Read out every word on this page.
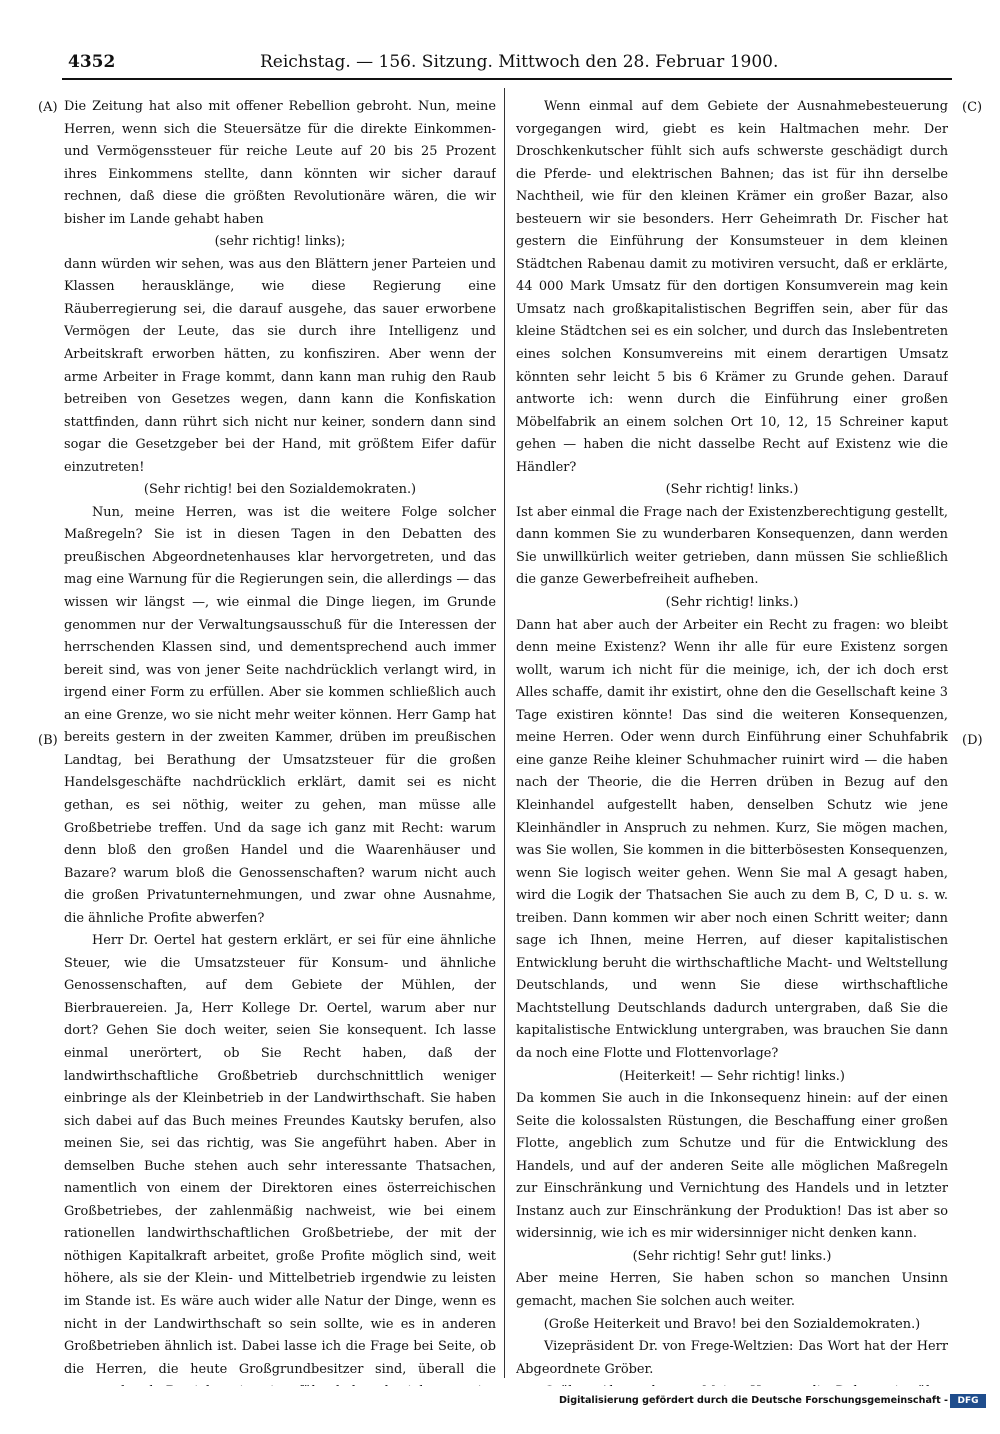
4352	Reichstag. — 156. Sitzung. Mittwoch den 28. Februar 1900.
(A)
(B)
(C)
(D)

Die Zeitung hat also mit offener Rebellion gebroht. Nun, meine Herren, wenn sich die Steuersätze für die direkte Einkommen- und Vermögenssteuer für reiche Leute auf 20 bis 25 Prozent ihres Einkommens stellte, dann könnten wir sicher darauf rechnen, daß diese die größten Revolutionäre wären, die wir bisher im Lande gehabt haben

(sehr richtig! links);

dann würden wir sehen, was aus den Blättern jener Parteien und Klassen herausklänge, wie diese Regierung eine Räuberregierung sei, die darauf ausgehe, das sauer erworbene Vermögen der Leute, das sie durch ihre Intelligenz und Arbeitskraft erworben hätten, zu konfisziren. Aber wenn der arme Arbeiter in Frage kommt, dann kann man ruhig den Raub betreiben von Gesetzes wegen, dann kann die Konfiskation stattfinden, dann rührt sich nicht nur keiner, sondern dann sind sogar die Gesetzgeber bei der Hand, mit größtem Eifer dafür einzutreten!

(Sehr richtig! bei den Sozialdemokraten.)

Nun, meine Herren, was ist die weitere Folge solcher Maßregeln? Sie ist in diesen Tagen in den Debatten des preußischen Abgeordnetenhauses klar hervorgetreten, und das mag eine Warnung für die Regierungen sein, die allerdings — das wissen wir längst —, wie einmal die Dinge liegen, im Grunde genommen nur der Verwaltungsausschuß für die Interessen der herrschenden Klassen sind, und dementsprechend auch immer bereit sind, was von jener Seite nachdrücklich verlangt wird, in irgend einer Form zu erfüllen. Aber sie kommen schließlich auch an eine Grenze, wo sie nicht mehr weiter können. Herr Gamp hat bereits gestern in der zweiten Kammer, drüben im preußischen Landtag, bei Berathung der Umsatzsteuer für die großen Handelsgeschäfte nachdrücklich erklärt, damit sei es nicht gethan, es sei nöthig, weiter zu gehen, man müsse alle Großbetriebe treffen. Und da sage ich ganz mit Recht: warum denn bloß den großen Handel und die Waarenhäuser und Bazare? warum bloß die Genossenschaften? warum nicht auch die großen Privatunternehmungen, und zwar ohne Ausnahme, die ähnliche Profite abwerfen?

Herr Dr. Oertel hat gestern erklärt, er sei für eine ähnliche Steuer, wie die Umsatzsteuer für Konsum- und ähnliche Genossenschaften, auf dem Gebiete der Mühlen, der Bierbrauereien. Ja, Herr Kollege Dr. Oertel, warum aber nur dort? Gehen Sie doch weiter, seien Sie konsequent. Ich lasse einmal unerörtert, ob Sie Recht haben, daß der landwirthschaftliche Großbetrieb durchschnittlich weniger einbringe als der Kleinbetrieb in der Landwirthschaft. Sie haben sich dabei auf das Buch meines Freundes Kautsky berufen, also meinen Sie, sei das richtig, was Sie angeführt haben. Aber in demselben Buche stehen auch sehr interessante Thatsachen, namentlich von einem der Direktoren eines österreichischen Großbetriebes, der zahlenmäßig nachweist, wie bei einem rationellen landwirthschaftlichen Großbetriebe, der mit der nöthigen Kapitalkraft arbeitet, große Profite möglich sind, weit höhere, als sie der Klein- und Mittelbetrieb irgendwie zu leisten im Stande ist. Es wäre auch wider alle Natur der Dinge, wenn es nicht in der Landwirthschaft so sein sollte, wie es in anderen Großbetrieben ähnlich ist. Dabei lasse ich die Frage bei Seite, ob die Herren, die heute Großgrundbesitzer sind, überall die

Wenn einmal auf dem Gebiete der Ausnahmebesteuerung vorgegangen wird, giebt es kein Haltmachen mehr. Der Droschkenkutscher fühlt sich aufs schwerste geschädigt durch die Pferde- und elektrischen Bahnen; das ist für ihn derselbe Nachtheil, wie für den kleinen Krämer ein großer Bazar, also besteuern wir sie besonders. Herr Geheimrath Dr. Fischer hat gestern die Einführung der Konsumsteuer in dem kleinen Städtchen Rabenau damit zu motiviren versucht, daß er erklärte, 44 000 Mark Umsatz für den dortigen Konsumverein mag kein Umsatz nach großkapitalistischen Begriffen sein, aber für das kleine Städtchen sei es ein solcher, und durch das Inslebentreten eines solchen Konsumvereins mit einem derartigen Umsatz könnten sehr leicht 5 bis 6 Krämer zu Grunde gehen. Darauf antworte ich: wenn durch die Einführung einer großen Möbelfabrik an einem solchen Ort 10, 12, 15 Schreiner kaput gehen — haben die nicht dasselbe Recht auf Existenz wie die Händler?

(Sehr richtig! links.)

Ist aber einmal die Frage nach der Existenzberechtigung gestellt, dann kommen Sie zu wunderbaren Konsequenzen, dann werden Sie unwillkürlich weiter getrieben, dann müssen Sie schließlich die ganze Gewerbefreiheit aufheben.

(Sehr richtig! links.)

Dann hat aber auch der Arbeiter ein Recht zu fragen: wo bleibt denn meine Existenz? Wenn ihr alle für eure Existenz sorgen wollt, warum ich nicht für die meinige, ich, der ich doch erst Alles schaffe, damit ihr existirt, ohne den die Gesellschaft keine 3 Tage existiren könnte! Das sind die weiteren Konsequenzen, meine Herren. Oder wenn durch Einführung einer Schuhfabrik eine ganze Reihe kleiner Schuhmacher ruinirt wird — die haben nach der Theorie, die die Herren drüben in Bezug auf den Kleinhandel aufgestellt haben, denselben Schutz wie jene Kleinhändler in Anspruch zu nehmen. Kurz, Sie mögen machen, was Sie wollen, Sie kommen in die bitterbösesten Konsequenzen, wenn Sie logisch weiter gehen. Wenn Sie mal A gesagt haben, wird die Logik der Thatsachen Sie auch zu dem B, C, D u. s. w. treiben. Dann kommen wir aber noch einen Schritt weiter; dann sage ich Ihnen, meine Herren, auf dieser kapitalistischen Entwicklung beruht die wirthschaftliche Macht- und Weltstellung Deutschlands, und wenn Sie diese wirthschaftliche Machtstellung Deutschlands dadurch untergraben, daß Sie die kapitalistische Entwicklung untergraben, was brauchen Sie dann da noch eine Flotte und Flottenvorlage?

(Heiterkeit! — Sehr richtig! links.)

Da kommen Sie auch in die Inkonsequenz hinein: auf der einen Seite die kolossalsten Rüstungen, die Beschaffung einer großen Flotte, angeblich zum Schutze und für die Entwicklung des Handels, und auf der anderen Seite alle möglichen Maßregeln zur Einschränkung und Vernichtung des Handels und in letzter Instanz auch zur Einschränkung der Produktion! Das ist aber so widersinnig, wie ich es mir widersinniger nicht denken kann.

(Sehr richtig! Sehr gut! links.)

Aber meine Herren, Sie haben schon so manchen Unsinn gemacht, machen Sie solchen auch weiter.

(Große Heiterkeit und Bravo! bei den Sozialdemokraten.)

Vizepräsident Dr. von Frege-Weltzien: Das Wort hat der Herr Abgeordnete Gröber.

Digitalisierung gefördert durch die Deutsche Forschungsgemeinschaft -	DFG
